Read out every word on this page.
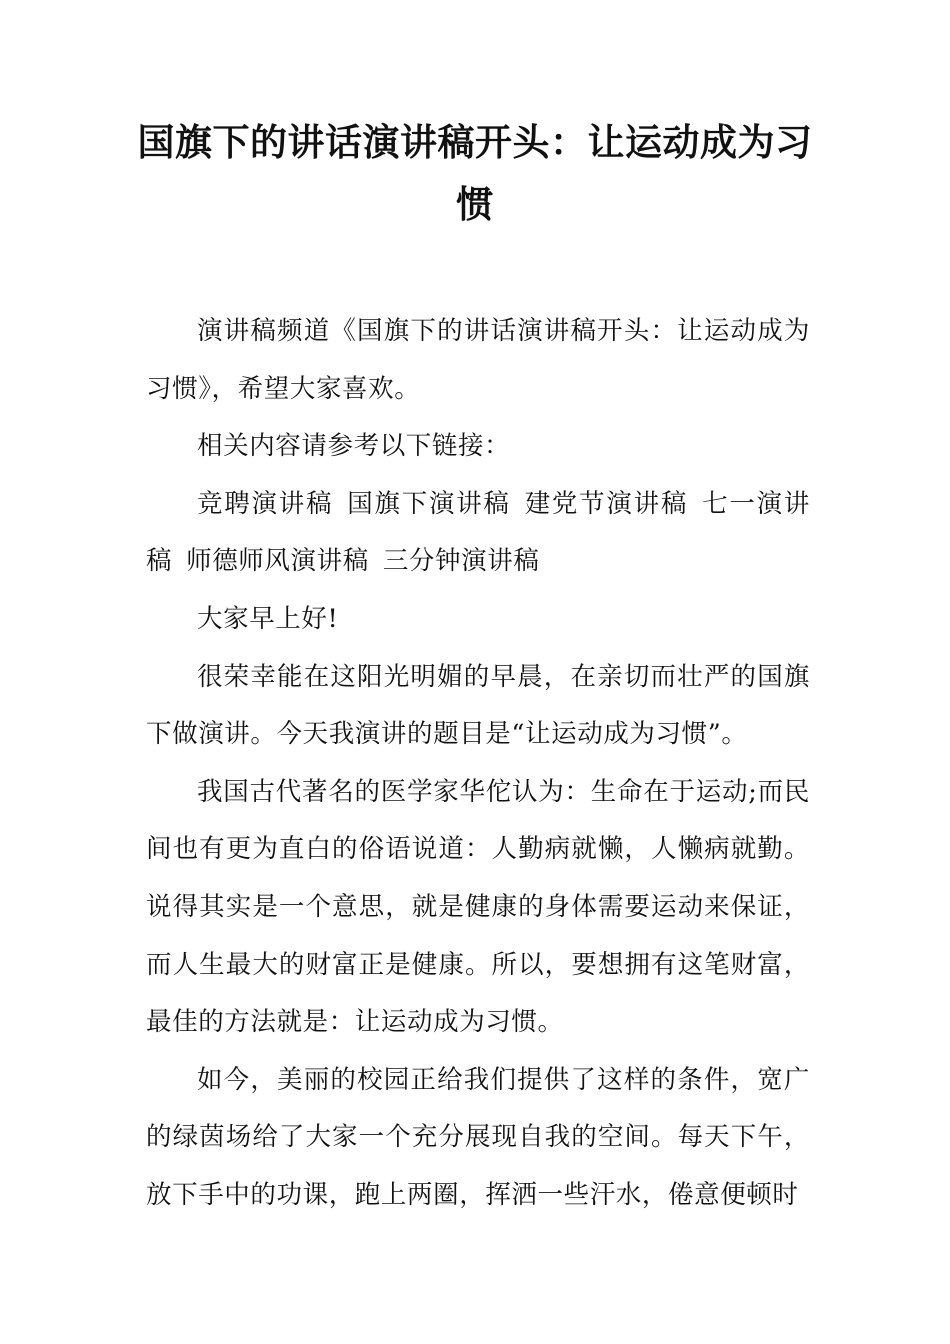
国旗下的讲话演讲稿开头：让运动成为习惯

演讲稿频道《国旗下的讲话演讲稿开头：让运动成为习惯》，希望大家喜欢。

相关内容请参考以下链接：

竞聘演讲稿 国旗下演讲稿 建党节演讲稿 七一演讲稿 师德师风演讲稿 三分钟演讲稿

大家早上好!

很荣幸能在这阳光明媚的早晨，在亲切而壮严的国旗下做演讲。今天我演讲的题目是“让运动成为习惯”。

我国古代著名的医学家华佗认为：生命在于运动;而民间也有更为直白的俗语说道：人勤病就懒，人懒病就勤。说得其实是一个意思，就是健康的身体需要运动来保证，而人生最大的财富正是健康。所以，要想拥有这笔财富，最佳的方法就是：让运动成为习惯。

如今，美丽的校园正给我们提供了这样的条件，宽广的绿茵场给了大家一个充分展现自我的空间。每天下午，放下手中的功课，跑上两圈，挥洒一些汗水，倦意便顿时
